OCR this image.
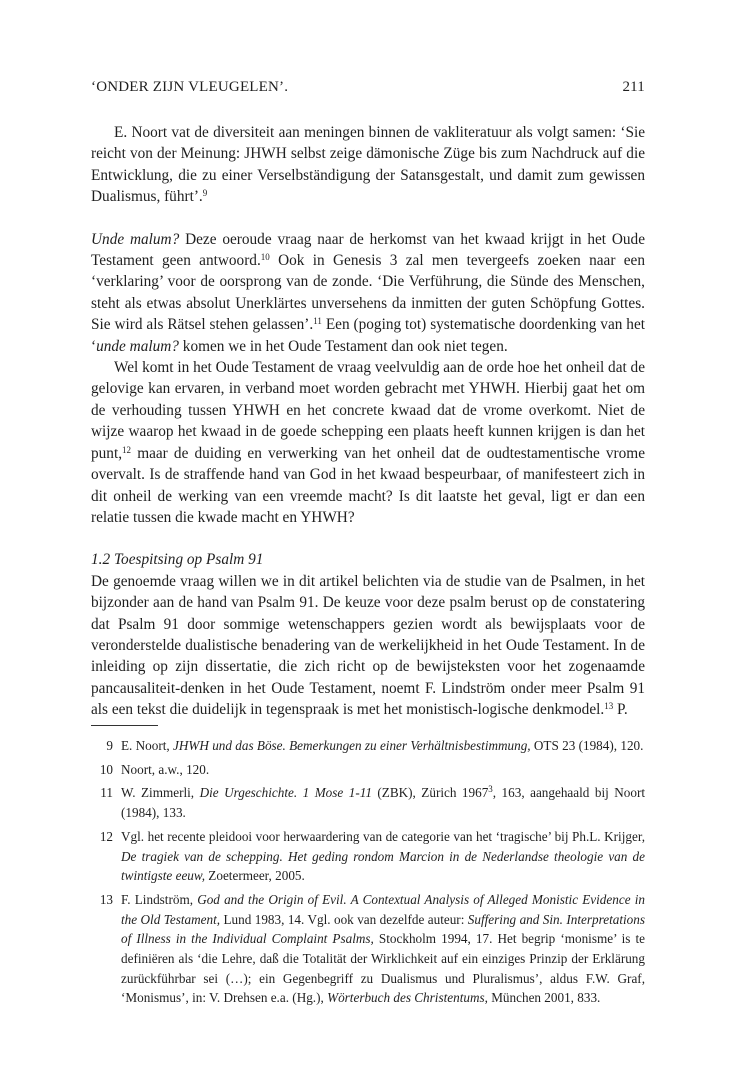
‘ONDER ZIJN VLEUGELEN’.	211

E. Noort vat de diversiteit aan meningen binnen de vakliteratuur als volgt samen: ‘Sie reicht von der Meinung: JHWH selbst zeige dämonische Züge bis zum Nachdruck auf die Entwicklung, die zu einer Verselbständigung der Satansgestalt, und damit zum gewissen Dualismus, führt’.$^9$

Unde malum? Deze oeroude vraag naar de herkomst van het kwaad krijgt in het Oude Testament geen antwoord.$^{10}$ Ook in Genesis 3 zal men tevergeefs zoeken naar een ‘verklaring’ voor de oorsprong van de zonde. ‘Die Verführung, die Sünde des Menschen, steht als etwas absolut Unerklärtes unversehens da inmitten der guten Schöpfung Gottes. Sie wird als Rätsel stehen gelassen’.$^{11}$ Een (poging tot) systematische doordenking van het ‘unde malum? komen we in het Oude Testament dan ook niet tegen.

Wel komt in het Oude Testament de vraag veelvuldig aan de orde hoe het onheil dat de gelovige kan ervaren, in verband moet worden gebracht met YHWH. Hierbij gaat het om de verhouding tussen YHWH en het concrete kwaad dat de vrome overkomt. Niet de wijze waarop het kwaad in de goede schepping een plaats heeft kunnen krijgen is dan het punt,$^{12}$ maar de duiding en verwerking van het onheil dat de oudtestamentische vrome overvalt. Is de straffende hand van God in het kwaad bespeurbaar, of manifesteert zich in dit onheil de werking van een vreemde macht? Is dit laatste het geval, ligt er dan een relatie tussen die kwade macht en YHWH?

1.2 Toespitsing op Psalm 91

De genoemde vraag willen we in dit artikel belichten via de studie van de Psalmen, in het bijzonder aan de hand van Psalm 91. De keuze voor deze psalm berust op de constatering dat Psalm 91 door sommige wetenschappers gezien wordt als bewijsplaats voor de veronderstelde dualistische benadering van de werkelijkheid in het Oude Testament. In de inleiding op zijn dissertatie, die zich richt op de bewijsteksten voor het zogenaamde pancausaliteit-denken in het Oude Testament, noemt F. Lindström onder meer Psalm 91 als een tekst die duidelijk in tegenspraak is met het monistisch-logische denkmodel.$^{13}$ P.

9 E. Noort, JHWH und das Böse. Bemerkungen zu einer Verhältnisbestimmung, OTS 23 (1984), 120.
10 Noort, a.w., 120.
11 W. Zimmerli, Die Urgeschichte. 1 Mose 1-11 (ZBK), Zürich 1967$^3$, 163, aangehaald bij Noort (1984), 133.
12 Vgl. het recente pleidooi voor herwaardering van de categorie van het ‘tragische’ bij Ph.L. Krijger, De tragiek van de schepping. Het geding rondom Marcion in de Nederlandse theologie van de twintigste eeuw, Zoetermeer, 2005.
13 F. Lindström, God and the Origin of Evil. A Contextual Analysis of Alleged Monistic Evidence in the Old Testament, Lund 1983, 14. Vgl. ook van dezelfde auteur: Suffering and Sin. Interpretations of Illness in the Individual Complaint Psalms, Stockholm 1994, 17. Het begrip ‘monisme’ is te definiëren als ‘die Lehre, daß die Totalität der Wirklichkeit auf ein einziges Prinzip der Erklärung zurückführbar sei (…); ein Gegenbegriff zu Dualismus und Pluralismus’, aldus F.W. Graf, ‘Monismus’, in: V. Drehsen e.a. (Hg.), Wörterbuch des Christentums, München 2001, 833.
